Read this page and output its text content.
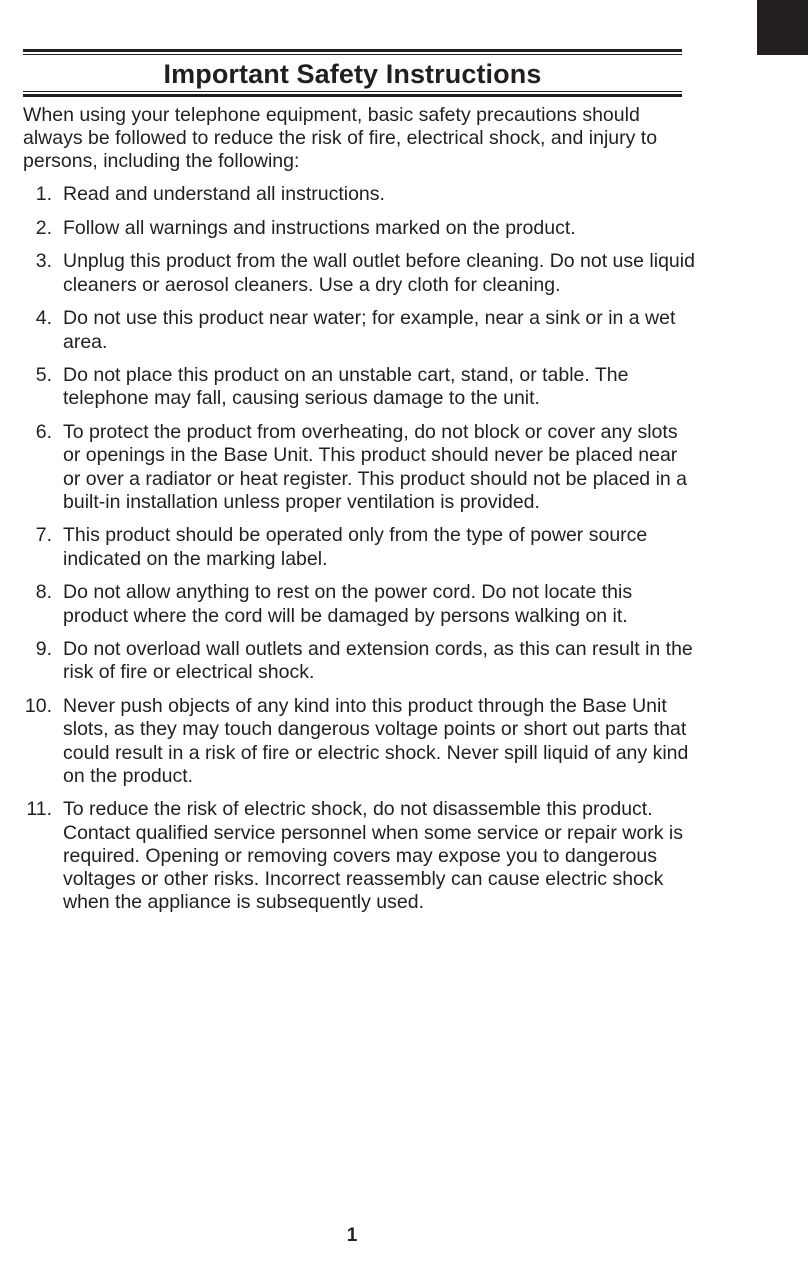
Important Safety Instructions

When using your telephone equipment, basic safety precautions should always be followed to reduce the risk of fire, electrical shock, and injury to persons, including the following:

1. Read and understand all instructions.
2. Follow all warnings and instructions marked on the product.
3. Unplug this product from the wall outlet before cleaning. Do not use liquid cleaners or aerosol cleaners. Use a dry cloth for cleaning.
4. Do not use this product near water; for example, near a sink or in a wet area.
5. Do not place this product on an unstable cart, stand, or table. The telephone may fall, causing serious damage to the unit.
6. To protect the product from overheating, do not block or cover any slots or openings in the Base Unit. This product should never be placed near or over a radiator or heat register. This product should not be placed in a built-in installation unless proper ventilation is provided.
7. This product should be operated only from the type of power source indicated on the marking label.
8. Do not allow anything to rest on the power cord. Do not locate this product where the cord will be damaged by persons walking on it.
9. Do not overload wall outlets and extension cords, as this can result in the risk of fire or electrical shock.
10. Never push objects of any kind into this product through the Base Unit slots, as they may touch dangerous voltage points or short out parts that could result in a risk of fire or electric shock. Never spill liquid of any kind on the product.
11. To reduce the risk of electric shock, do not disassemble this product. Contact qualified service personnel when some service or repair work is required. Opening or removing covers may expose you to dangerous voltages or other risks. Incorrect reassembly can cause electric shock when the appliance is subsequently used.
1
